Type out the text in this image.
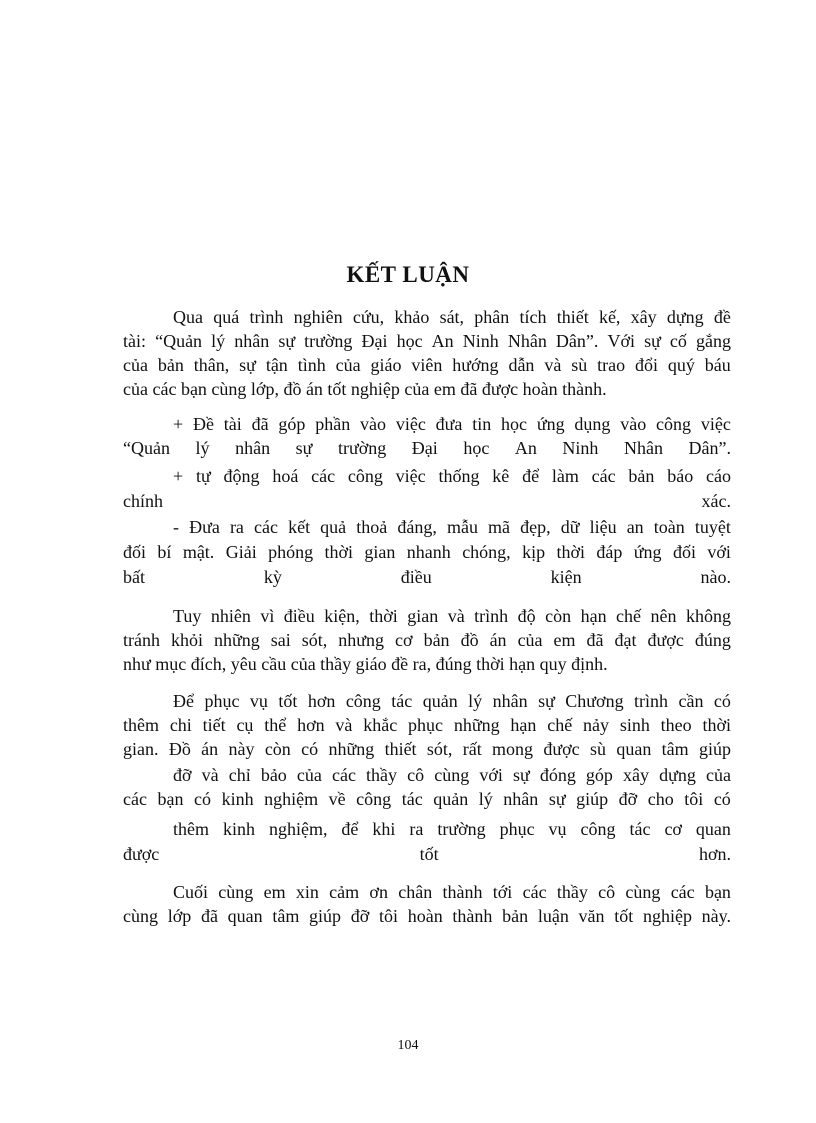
KẾT LUẬN
Qua quá trình nghiên cứu, khảo sát, phân tích thiết kế, xây dựng đề
tài: “Quản lý nhân sự trường Đại học An Ninh Nhân Dân”. Với sự cố gắng
của bản thân, sự tận tình của giáo viên hướng dẫn và sù trao đổi quý báu
của các bạn cùng lớp, đồ án tốt nghiệp của em đã được hoàn thành.
+ Đề tài đã góp phần vào việc đưa tin học ứng dụng vào công việc
“Quản lý nhân sự trường Đại học An Ninh Nhân Dân”.
+ tự động hoá các công việc thống kê để làm các bản báo cáo
chính	xác.
- Đưa ra các kết quả thoả đáng, mẫu mã đẹp, dữ liệu an toàn tuyệt
đối bí mật. Giải phóng thời gian nhanh chóng, kịp thời đáp ứng đối với
bất	kỳ	điều	kiện	nào.
Tuy nhiên vì điều kiện, thời gian và trình độ còn hạn chế nên không
tránh khỏi những sai sót, nhưng cơ bản đồ án của em đã đạt được đúng
như mục đích, yêu cầu của thầy giáo đề ra, đúng thời hạn quy định.
Để phục vụ tốt hơn công tác quản lý nhân sự Chương trình cần có
thêm chi tiết cụ thể hơn và khắc phục những hạn chế nảy sinh theo thời
gian. Đồ án này còn có những thiết sót, rất mong được sù quan tâm giúp
đỡ và chỉ bảo của các thầy cô cùng với sự đóng góp xây dựng của
các bạn có kinh nghiệm về công tác quản lý nhân sự giúp đỡ cho tôi có
thêm kinh nghiệm, để khi ra trường phục vụ công tác cơ quan
được	tốt	hơn.
Cuối cùng em xin cảm ơn chân thành tới các thầy cô cùng các bạn
cùng lớp đã quan tâm giúp đỡ tôi hoàn thành bản luận văn tốt nghiệp này.
104
